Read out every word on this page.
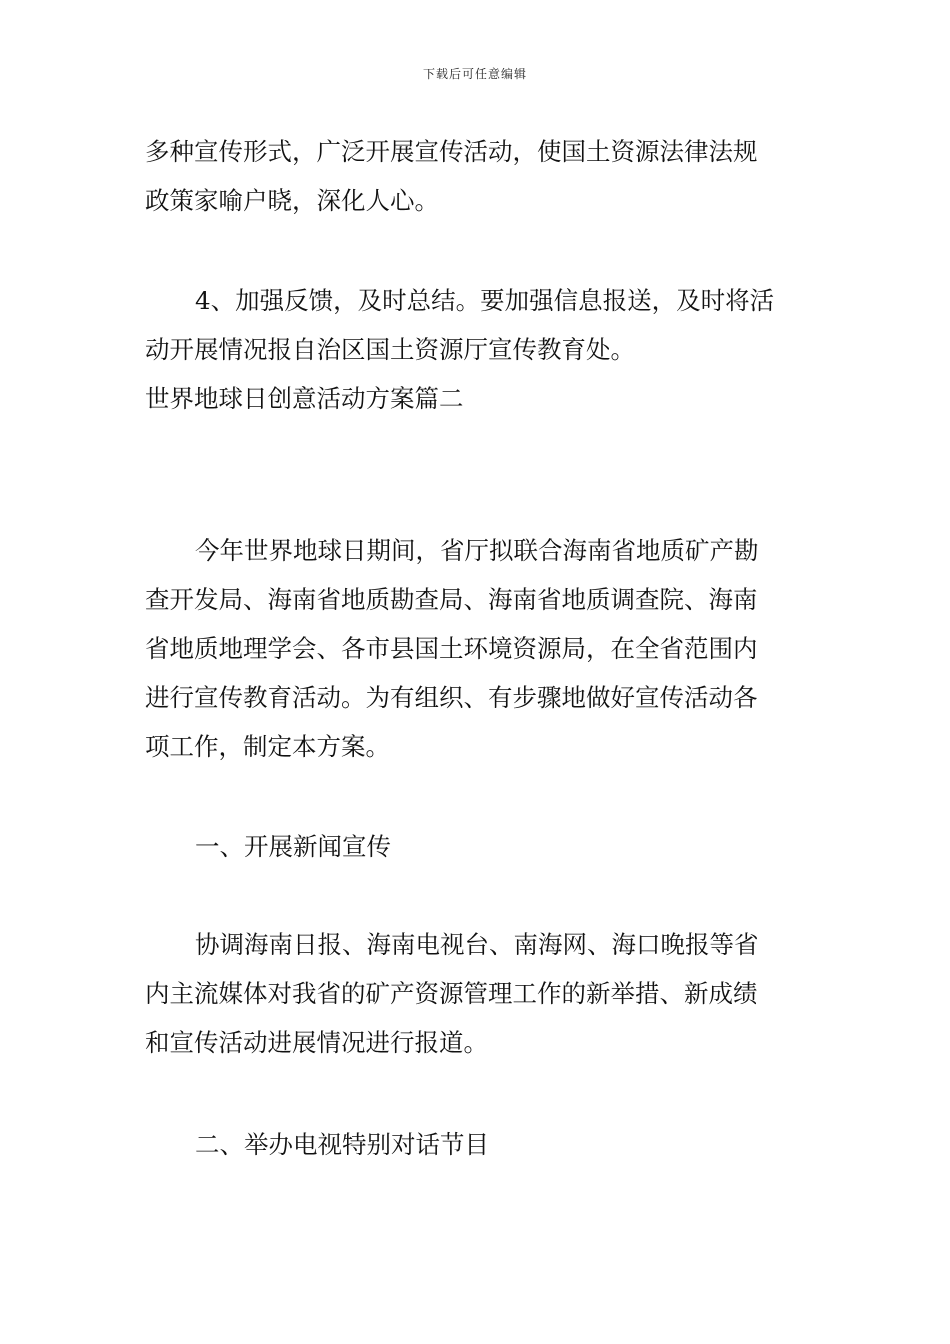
下载后可任意编辑
多种宣传形式，广泛开展宣传活动，使国土资源法律法规
政策家喻户晓，深化人心。
4、加强反馈，及时总结。要加强信息报送，及时将活
动开展情况报自治区国土资源厅宣传教育处。
世界地球日创意活动方案篇二
今年世界地球日期间，省厅拟联合海南省地质矿产勘
查开发局、海南省地质勘查局、海南省地质调查院、海南
省地质地理学会、各市县国土环境资源局，在全省范围内
进行宣传教育活动。为有组织、有步骤地做好宣传活动各
项工作，制定本方案。
一、开展新闻宣传
协调海南日报、海南电视台、南海网、海口晚报等省
内主流媒体对我省的矿产资源管理工作的新举措、新成绩
和宣传活动进展情况进行报道。
二、举办电视特别对话节目
